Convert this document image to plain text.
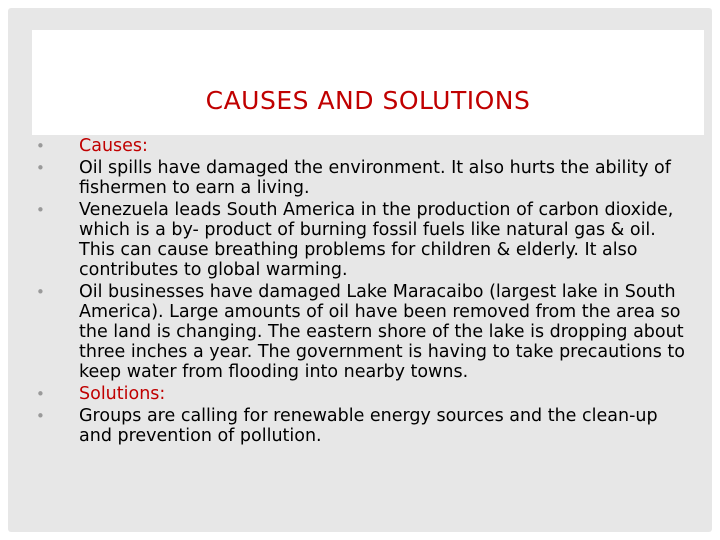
CAUSES AND SOLUTIONS
• Causes:
• Oil spills have damaged the environment. It also hurts the ability of fishermen to earn a living.
• Venezuela leads South America in the production of carbon dioxide, which is a by- product of burning fossil fuels like natural gas & oil. This can cause breathing problems for children & elderly. It also contributes to global warming.
• Oil businesses have damaged Lake Maracaibo (largest lake in South America). Large amounts of oil have been removed from the area so the land is changing. The eastern shore of the lake is dropping about three inches a year. The government is having to take precautions to keep water from flooding into nearby towns.
• Solutions:
• Groups are calling for renewable energy sources and the clean-up and prevention of pollution.
